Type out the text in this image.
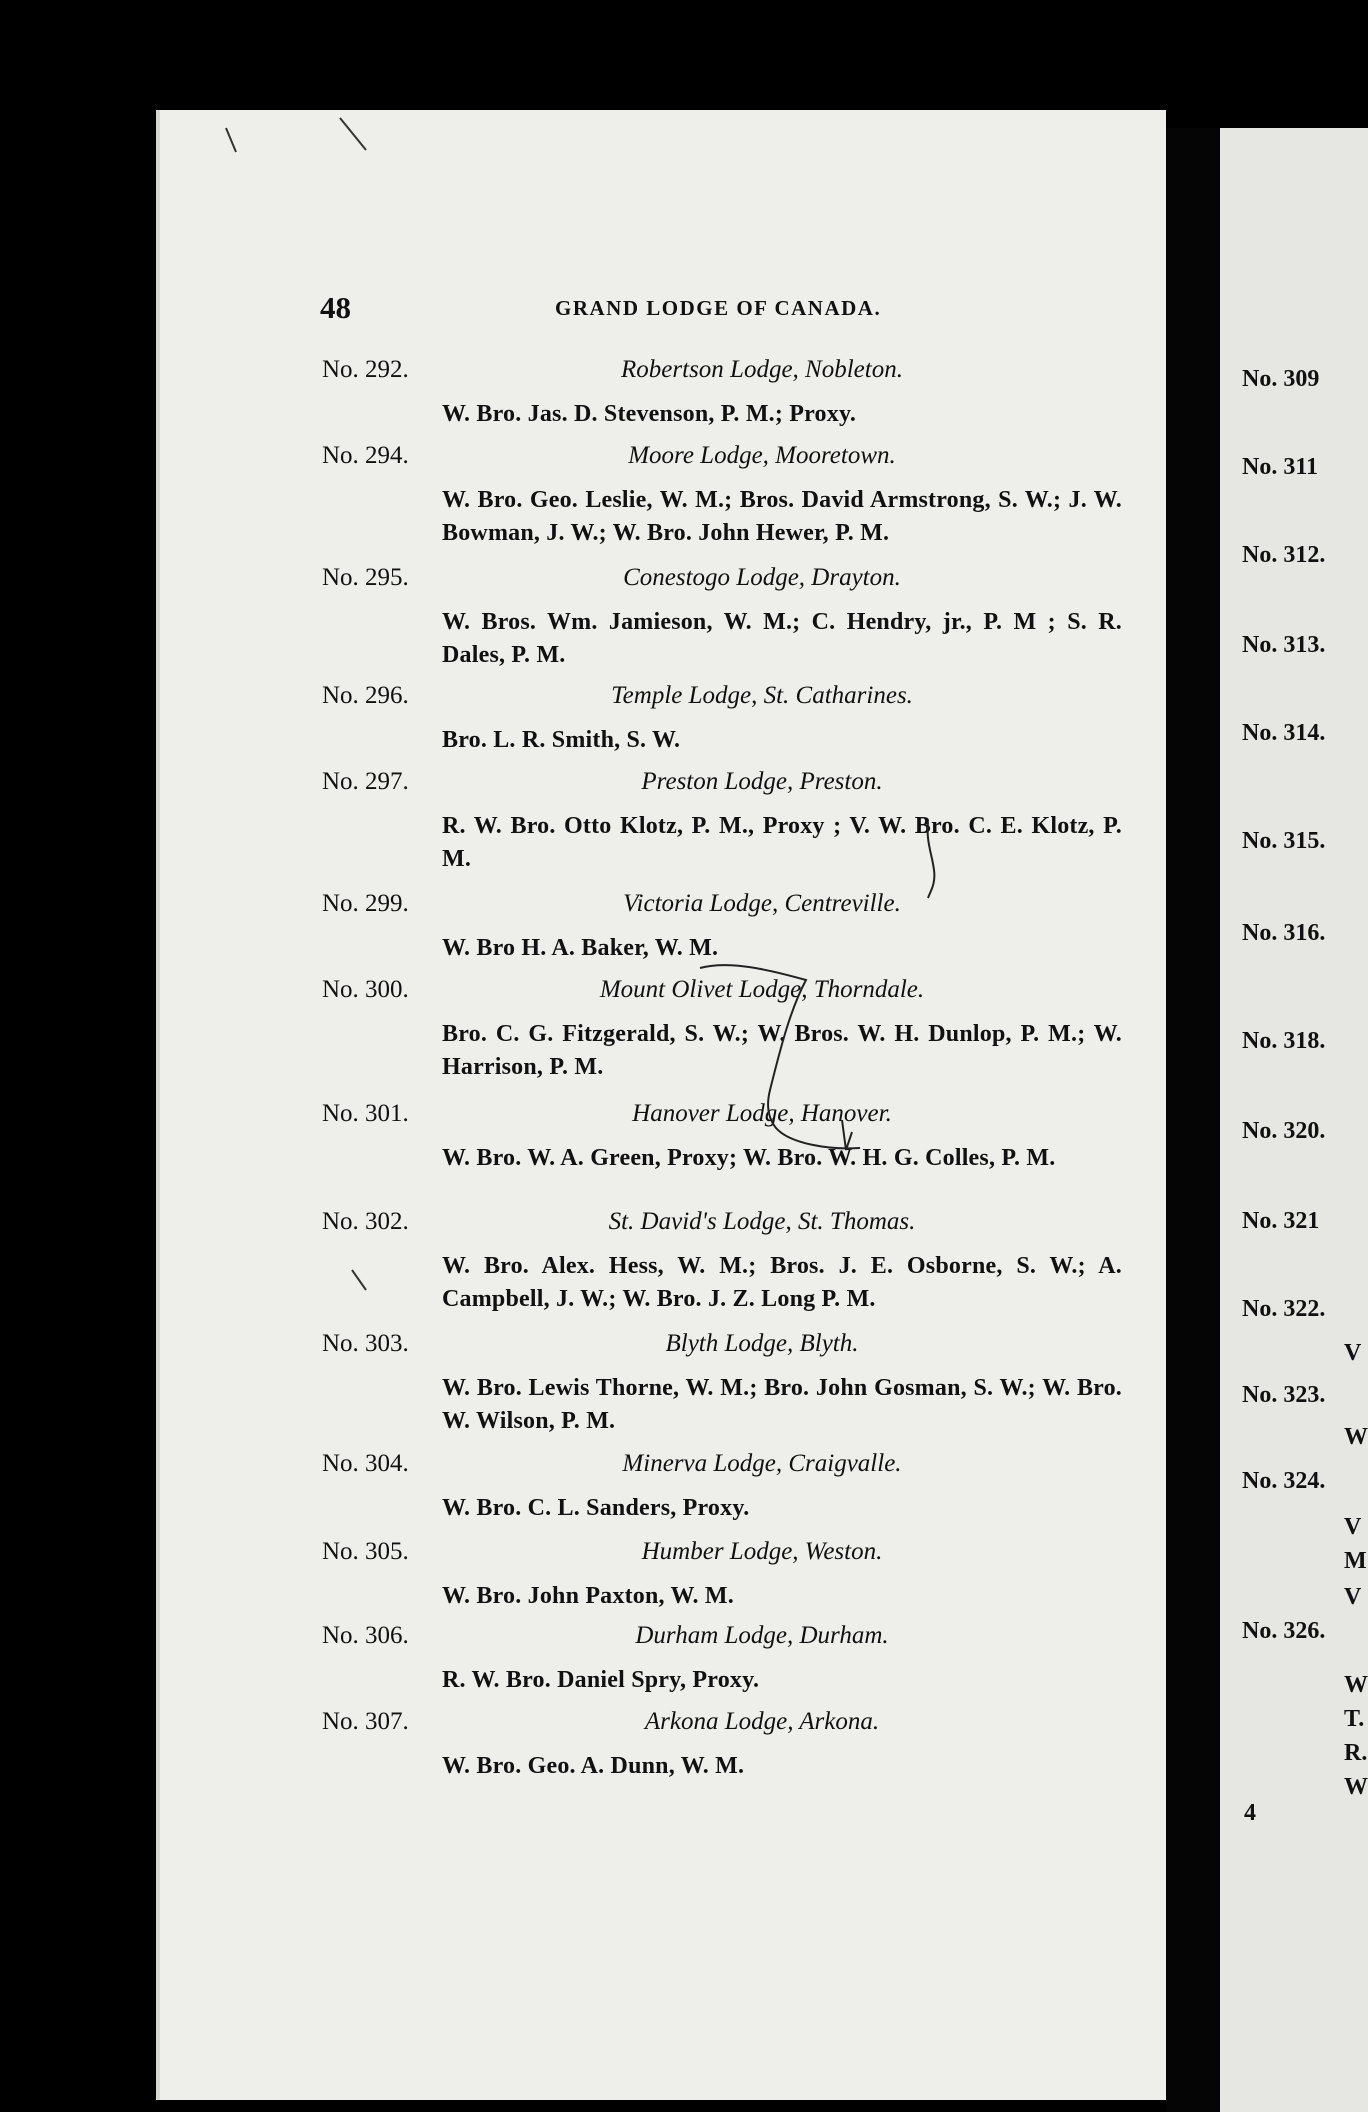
48	GRAND LODGE OF CANADA.
No. 292.	Robertson Lodge, Nobleton.
W. Bro. Jas. D. Stevenson, P. M.; Proxy.
No. 294.	Moore Lodge, Mooretown.
W. Bro. Geo. Leslie, W. M.; Bros. David Armstrong, S. W.; J. W. Bowman, J. W.; W. Bro. John Hewer, P. M.
No. 295.	Conestogo Lodge, Drayton.
W. Bros. Wm. Jamieson, W. M.; C. Hendry, jr., P. M ; S. R. Dales, P. M.
No. 296.	Temple Lodge, St. Catharines.
Bro. L. R. Smith, S. W.
No. 297.	Preston Lodge, Preston.
R. W. Bro. Otto Klotz, P. M., Proxy ; V. W. Bro. C. E. Klotz, P. M.
No. 299.	Victoria Lodge, Centreville.
W. Bro H. A. Baker, W. M.
No. 300.	Mount Olivet Lodge, Thorndale.
Bro. C. G. Fitzgerald, S. W.; W. Bros. W. H. Dunlop, P. M.; W. Harrison, P. M.
No. 301.	Hanover Lodge, Hanover.
W. Bro. W. A. Green, Proxy; W. Bro. W. H. G. Colles, P. M.
No. 302.	St. David's Lodge, St. Thomas.
W. Bro. Alex. Hess, W. M.; Bros. J. E. Osborne, S. W.; A. Campbell, J. W.; W. Bro. J. Z. Long P. M.
No. 303.	Blyth Lodge, Blyth.
W. Bro. Lewis Thorne, W. M.; Bro. John Gosman, S. W.; W. Bro. W. Wilson, P. M.
No. 304.	Minerva Lodge, Craigvalle.
W. Bro. C. L. Sanders, Proxy.
No. 305.	Humber Lodge, Weston.
W. Bro. John Paxton, W. M.
No. 306.	Durham Lodge, Durham.
R. W. Bro. Daniel Spry, Proxy.
No. 307.	Arkona Lodge, Arkona.
W. Bro. Geo. A. Dunn, W. M.
No. 309
No. 311
No. 312.
No. 313.
No. 314.
No. 315.
No. 316.
No. 318.
No. 320.
No. 321
No. 322.
No. 323.
No. 324.
No. 326.
V
W
V
M
V
W
T.
R.
W
4
